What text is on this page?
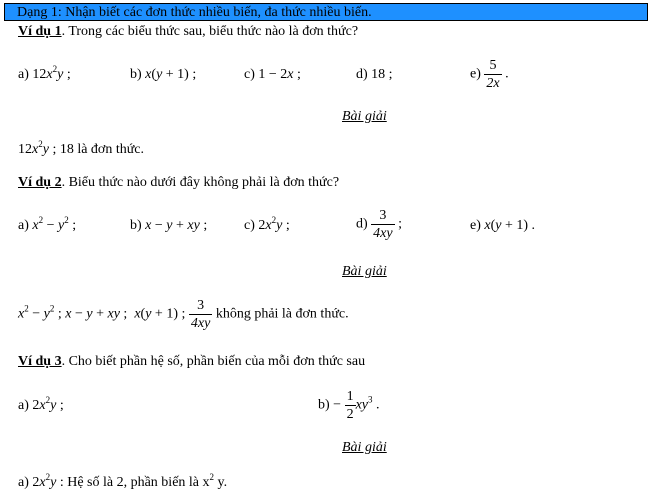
Dạng 1: Nhận biết các đơn thức nhiều biến, đa thức nhiều biến.
Ví dụ 1. Trong các biểu thức sau, biểu thức nào là đơn thức?
a) $12x^2y$ ;	b) x(y + 1) ;	c) 1 − 2x ;	d) 18 ;	$e) \frac{5}{2x}$ .
Bài giải
$12x^2y$ ; 18 là đơn thức.
Ví dụ 2. Biểu thức nào dưới đây không phải là đơn thức?
a) $x^2 - y^2$ ;	b) x − y + xy ;	c) $2x^2y$ ;	$d) \frac{3}{4xy}$ ;	e) x(y + 1) .
Bài giải
$x^2 - y^2$ ; x − y + xy ;  x(y + 1) ; $\frac{3}{4xy}$ không phải là đơn thức.
Ví dụ 3. Cho biết phần hệ số, phần biến của mỗi đơn thức sau
a) $2x^2y$ ;	$b) - \frac{1}{2} xy^3$ .
Bài giải
a) $2x^2y$ : Hệ số là 2, phần biến là $x^2$ y.
